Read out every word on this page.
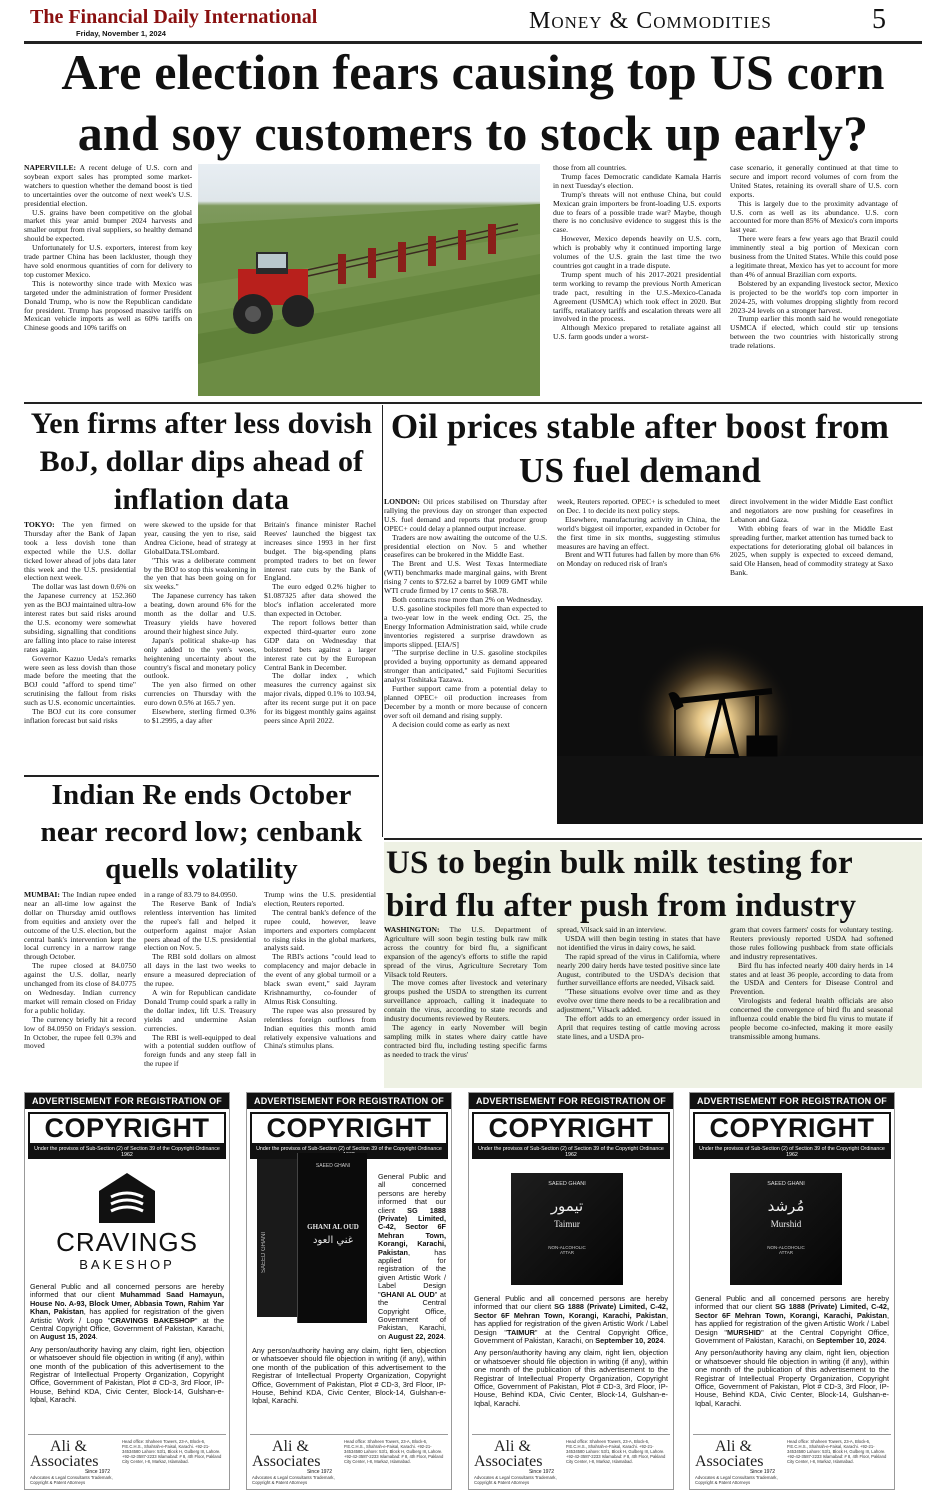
The Financial Daily International
Friday, November 1, 2024	Money & Commodities	5
Are election fears causing top US corn
and soy customers to stock up early?

NAPERVILLE: A recent deluge of U.S. corn and soybean export sales has prompted some market-watchers to question whether the demand boost is tied to uncertainties over the outcome of next week's U.S. presidential election.

U.S. grains have been competitive on the global market this year amid bumper 2024 harvests and smaller output from rival suppliers, so healthy demand should be expected.

Unfortunately for U.S. exporters, interest from key trade partner China has been lackluster, though they have sold enormous quantities of corn for delivery to top customer Mexico.

This is noteworthy since trade with Mexico was targeted under the administration of former President Donald Trump, who is now the Republican candidate for president. Trump has proposed massive tariffs on Mexican vehicle imports as well as 60% tariffs on Chinese goods and 10% tariffs on

those from all countries.

Trump faces Democratic candidate Kamala Harris in next Tuesday's election.

Trump's threats will not enthuse China, but could Mexican grain importers be front-loading U.S. exports due to fears of a possible trade war? Maybe, though there is no conclusive evidence to suggest this is the case.

However, Mexico depends heavily on U.S. corn, which is probably why it continued importing large volumes of the U.S. grain the last time the two countries got caught in a trade dispute.

Trump spent much of his 2017-2021 presidential term working to revamp the previous North American trade pact, resulting in the U.S.-Mexico-Canada Agreement (USMCA) which took effect in 2020. But tariffs, retaliatory tariffs and escalation threats were all involved in the process.

Although Mexico prepared to retaliate against all U.S. farm goods under a worst-

case scenario, it generally continued at that time to secure and import record volumes of corn from the United States, retaining its overall share of U.S. corn exports.

This is largely due to the proximity advantage of U.S. corn as well as its abundance. U.S. corn accounted for more than 85% of Mexico's corn imports last year.

There were fears a few years ago that Brazil could imminently steal a big portion of Mexican corn business from the United States. While this could pose a legitimate threat, Mexico has yet to account for more than 4% of annual Brazilian corn exports.

Bolstered by an expanding livestock sector, Mexico is projected to be the world's top corn importer in 2024-25, with volumes dropping slightly from record 2023-24 levels on a stronger harvest.

Trump earlier this month said he would renegotiate USMCA if elected, which could stir up tensions between the two countries with historically strong trade relations.

Yen firms after less dovish BoJ, dollar dips ahead of inflation data

TOKYO: The yen firmed on Thursday after the Bank of Japan took a less dovish tone than expected while the U.S. dollar ticked lower ahead of jobs data later this week and the U.S. presidential election next week.

The dollar was last down 0.6% on the Japanese currency at 152.360 yen as the BOJ maintained ultra-low interest rates but said risks around the U.S. economy were somewhat subsiding, signalling that conditions are falling into place to raise interest rates again.

Governor Kazuo Ueda's remarks were seen as less dovish than those made before the meeting that the BOJ could "afford to spend time" scrutinising the fallout from risks such as U.S. economic uncertainties.

The BOJ cut its core consumer inflation forecast but said risks

were skewed to the upside for that year, causing the yen to rise, said Andrea Cicione, head of strategy at GlobalData.TSLombard.

"This was a deliberate comment by the BOJ to stop this weakening in the yen that has been going on for six weeks."

The Japanese currency has taken a beating, down around 6% for the month as the dollar and U.S. Treasury yields have hovered around their highest since July.

Japan's political shake-up has only added to the yen's woes, heightening uncertainty about the country's fiscal and monetary policy outlook.

The yen also firmed on other currencies on Thursday with the euro down 0.5% at 165.7 yen.

Elsewhere, sterling firmed 0.3% to $1.2995, a day after

Britain's finance minister Rachel Reeves' launched the biggest tax increases since 1993 in her first budget. The big-spending plans prompted traders to bet on fewer interest rate cuts by the Bank of England.

The euro edged 0.2% higher to $1.087325 after data showed the bloc's inflation accelerated more than expected in October.

The report follows better than expected third-quarter euro zone GDP data on Wednesday that bolstered bets against a larger interest rate cut by the European Central Bank in December.

The dollar index , which measures the currency against six major rivals, dipped 0.1% to 103.94, after its recent surge put it on pace for its biggest monthly gains against peers since April 2022.

Oil prices stable after boost from US fuel demand

LONDON: Oil prices stabilised on Thursday after rallying the previous day on stronger than expected U.S. fuel demand and reports that producer group OPEC+ could delay a planned output increase.

Traders are now awaiting the outcome of the U.S. presidential election on Nov. 5 and whether ceasefires can be brokered in the Middle East.

The Brent and U.S. West Texas Intermediate (WTI) benchmarks made marginal gains, with Brent rising 7 cents to $72.62 a barrel by 1009 GMT while WTI crude firmed by 17 cents to $68.78.

Both contracts rose more than 2% on Wednesday.

U.S. gasoline stockpiles fell more than expected to a two-year low in the week ending Oct. 25, the Energy Information Administration said, while crude inventories registered a surprise drawdown as imports slipped. [EIA/S]

"The surprise decline in U.S. gasoline stockpiles provided a buying opportunity as demand appeared stronger than anticipated," said Fujitomi Securities analyst Toshitaka Tazawa.

Further support came from a potential delay to planned OPEC+ oil production increases from December by a month or more because of concern over soft oil demand and rising supply.

A decision could come as early as next

week, Reuters reported. OPEC+ is scheduled to meet on Dec. 1 to decide its next policy steps.

Elsewhere, manufacturing activity in China, the world's biggest oil importer, expanded in October for the first time in six months, suggesting stimulus measures are having an effect.

Brent and WTI futures had fallen by more than 6% on Monday on reduced risk of Iran's

direct involvement in the wider Middle East conflict and negotiators are now pushing for ceasefires in Lebanon and Gaza.

With ebbing fears of war in the Middle East spreading further, market attention has turned back to expectations for deteriorating global oil balances in 2025, when supply is expected to exceed demand, said Ole Hansen, head of commodity strategy at Saxo Bank.

Indian Re ends October near record low; cenbank quells volatility

MUMBAI: The Indian rupee ended near an all-time low against the dollar on Thursday amid outflows from equities and anxiety over the outcome of the U.S. election, but the central bank's intervention kept the local currency in a narrow range through October.

The rupee closed at 84.0750 against the U.S. dollar, nearly unchanged from its close of 84.0775 on Wednesday. Indian currency market will remain closed on Friday for a public holiday.

The currency briefly hit a record low of 84.0950 on Friday's session. In October, the rupee fell 0.3% and moved

in a range of 83.79 to 84.0950.

The Reserve Bank of India's relentless intervention has limited the rupee's fall and helped it outperform against major Asian peers ahead of the U.S. presidential election on Nov. 5.

The RBI sold dollars on almost all days in the last two weeks to ensure a measured depreciation of the rupee.

A win for Republican candidate Donald Trump could spark a rally in the dollar index, lift U.S. Treasury yields and undermine Asian currencies.

The RBI is well-equipped to deal with a potential sudden outflow of foreign funds and any steep fall in the rupee if

Trump wins the U.S. presidential election, Reuters reported.

The central bank's defence of the rupee could, however, leave importers and exporters complacent to rising risks in the global markets, analysts said.

The RBI's actions "could lead to complacency and major debacle in the event of any global turmoil or a black swan event," said Jayram Krishnamurthy, co-founder of Almus Risk Consulting.

The rupee was also pressured by relentless foreign outflows from Indian equities this month amid relatively expensive valuations and China's stimulus plans.

US to begin bulk milk testing for bird flu after push from industry

WASHINGTON: The U.S. Department of Agriculture will soon begin testing bulk raw milk across the country for bird flu, a significant expansion of the agency's efforts to stifle the rapid spread of the virus, Agriculture Secretary Tom Vilsack told Reuters.

The move comes after livestock and veterinary groups pushed the USDA to strengthen its current surveillance approach, calling it inadequate to contain the virus, according to state records and industry documents reviewed by Reuters.

The agency in early November will begin sampling milk in states where dairy cattle have contracted bird flu, including testing specific farms as needed to track the virus'

spread, Vilsack said in an interview.

USDA will then begin testing in states that have not identified the virus in dairy cows, he said.

The rapid spread of the virus in California, where nearly 200 dairy herds have tested positive since late August, contributed to the USDA's decision that further surveillance efforts are needed, Vilsack said.

"These situations evolve over time and as they evolve over time there needs to be a recalibration and adjustment," Vilsack added.

The effort adds to an emergency order issued in April that requires testing of cattle moving across state lines, and a USDA pro-

gram that covers farmers' costs for voluntary testing. Reuters previously reported USDA had softened those rules following pushback from state officials and industry representatives.

Bird flu has infected nearly 400 dairy herds in 14 states and at least 36 people, according to data from the USDA and Centers for Disease Control and Prevention.

Virologists and federal health officials are also concerned the convergence of bird flu and seasonal influenza could enable the bird flu virus to mutate if people become co-infected, making it more easily transmissible among humans.

ADVERTISEMENT FOR REGISTRATION OF
COPYRIGHT
Under the provisos of Sub-Section (2) of Section 39 of the Copyright Ordinance 1962
CRAVINGS
BAKESHOP

General Public and all concerned persons are hereby informed that our client Muhammad Saad Hamayun, House No. A-93, Block Umer, Abbasia Town, Rahim Yar Khan, Pakistan, has applied for registration of the given Artistic Work / Logo "CRAVINGS BAKESHOP" at the Central Copyright Office, Government of Pakistan, Karachi, on August 15, 2024.

Any person/authority having any claim, right lien, objection or whatsoever should file objection in writing (if any), within one month of the publication of this advertisement to the Registrar of Intellectual Property Organization, Copyright Office, Government of Pakistan, Plot # CD-3, 3rd Floor, IP-House, Behind KDA, Civic Center, Block-14, Gulshan-e-Iqbal, Karachi.
Ali &
Associates
Since 1972
Advocates & Legal Consultants Trademark, Copyright & Patent Attorneys
Head office: Shaheen Towers, 23-A, Block-6, P.E.C.H.S., Shahrah-e-Faisal, Karachi. +92-21-34534580 Lahore: 53/1, Block H, Gulberg III, Lahore. +92-42-3587-2233 Islamabad: # 8, 4th Floor, Pakland City Center, I-8, Markaz, Islamabad.
ADVERTISEMENT FOR REGISTRATION OF
COPYRIGHT
Under the provisos of Sub-Section (2) of Section 39 of the Copyright Ordinance
SAEED GHANI
GHANI AL OUD
غني العود
SAEED GHANI

General Public and all concerned persons are hereby informed that our client SG 1888 (Private) Limited, C-42, Sector 6F Mehran Town, Korangi, Karachi, Pakistan, has applied for registration of the given Artistic Work / Label Design "GHANI AL OUD" at the Central Copyright Office, Government of Pakistan, Karachi, on August 22, 2024.

Any person/authority having any claim, right lien, objection or whatsoever should file objection in writing (if any), within one month of the publication of this advertisement to the Registrar of Intellectual Property Organization, Copyright Office, Government of Pakistan, Plot # CD-3, 3rd Floor, IP-House, Behind KDA, Civic Center, Block-14, Gulshan-e-Iqbal, Karachi.
Ali &
Associates
Since 1972
Advocates & Legal Consultants Trademark, Copyright & Patent Attorneys
Head office: Shaheen Towers, 23-A, Block-6, P.E.C.H.S., Shahrah-e-Faisal, Karachi. +92-21-34534580 Lahore: 53/1, Block H, Gulberg III, Lahore. +92-42-3587-2233 Islamabad: # 8, 4th Floor, Pakland City Center, I-8, Markaz, Islamabad.
ADVERTISEMENT FOR REGISTRATION OF
COPYRIGHT
Under the provisos of Sub-Section (2) of Section 39 of the Copyright Ordinance 1962
SAEED GHANI
تیمور
Taimur
NON-ALCOHOLIC ATTAR

General Public and all concerned persons are hereby informed that our client SG 1888 (Private) Limited, C-42, Sector 6F Mehran Town, Korangi, Karachi, Pakistan, has applied for registration of the given Artistic Work / Label Design "TAIMUR" at the Central Copyright Office, Government of Pakistan, Karachi, on September 10, 2024.

Any person/authority having any claim, right lien, objection or whatsoever should file objection in writing (if any), within one month of the publication of this advertisement to the Registrar of Intellectual Property Organization, Copyright Office, Government of Pakistan, Plot # CD-3, 3rd Floor, IP-House, Behind KDA, Civic Center, Block-14, Gulshan-e-Iqbal, Karachi.
Ali &
Associates
Since 1972
Advocates & Legal Consultants Trademark, Copyright & Patent Attorneys
Head office: Shaheen Towers, 23-A, Block-6, P.E.C.H.S., Shahrah-e-Faisal, Karachi. +92-21-34534580 Lahore: 53/1, Block H, Gulberg III, Lahore. +92-42-3587-2233 Islamabad: # 8, 4th Floor, Pakland City Center, I-8, Markaz, Islamabad.
ADVERTISEMENT FOR REGISTRATION OF
COPYRIGHT
Under the provisos of Sub-Section (2) of Section 39 of the Copyright Ordinance 1962
SAEED GHANI
مُرشد
Murshid
NON-ALCOHOLIC ATTAR

General Public and all concerned persons are hereby informed that our client SG 1888 (Private) Limited, C-42, Sector 6F Mehran Town, Korangi, Karachi, Pakistan, has applied for registration of the given Artistic Work / Label Design "MURSHID" at the Central Copyright Office, Government of Pakistan, Karachi, on September 10, 2024.

Any person/authority having any claim, right lien, objection or whatsoever should file objection in writing (if any), within one month of the publication of this advertisement to the Registrar of Intellectual Property Organization, Copyright Office, Government of Pakistan, Plot # CD-3, 3rd Floor, IP-House, Behind KDA, Civic Center, Block-14, Gulshan-e-Iqbal, Karachi.
Ali &
Associates
Since 1972
Advocates & Legal Consultants Trademark, Copyright & Patent Attorneys
Head office: Shaheen Towers, 23-A, Block-6, P.E.C.H.S., Shahrah-e-Faisal, Karachi. +92-21-34534580 Lahore: 53/1, Block H, Gulberg III, Lahore. +92-42-3587-2233 Islamabad: # 8, 4th Floor, Pakland City Center, I-8, Markaz, Islamabad.
